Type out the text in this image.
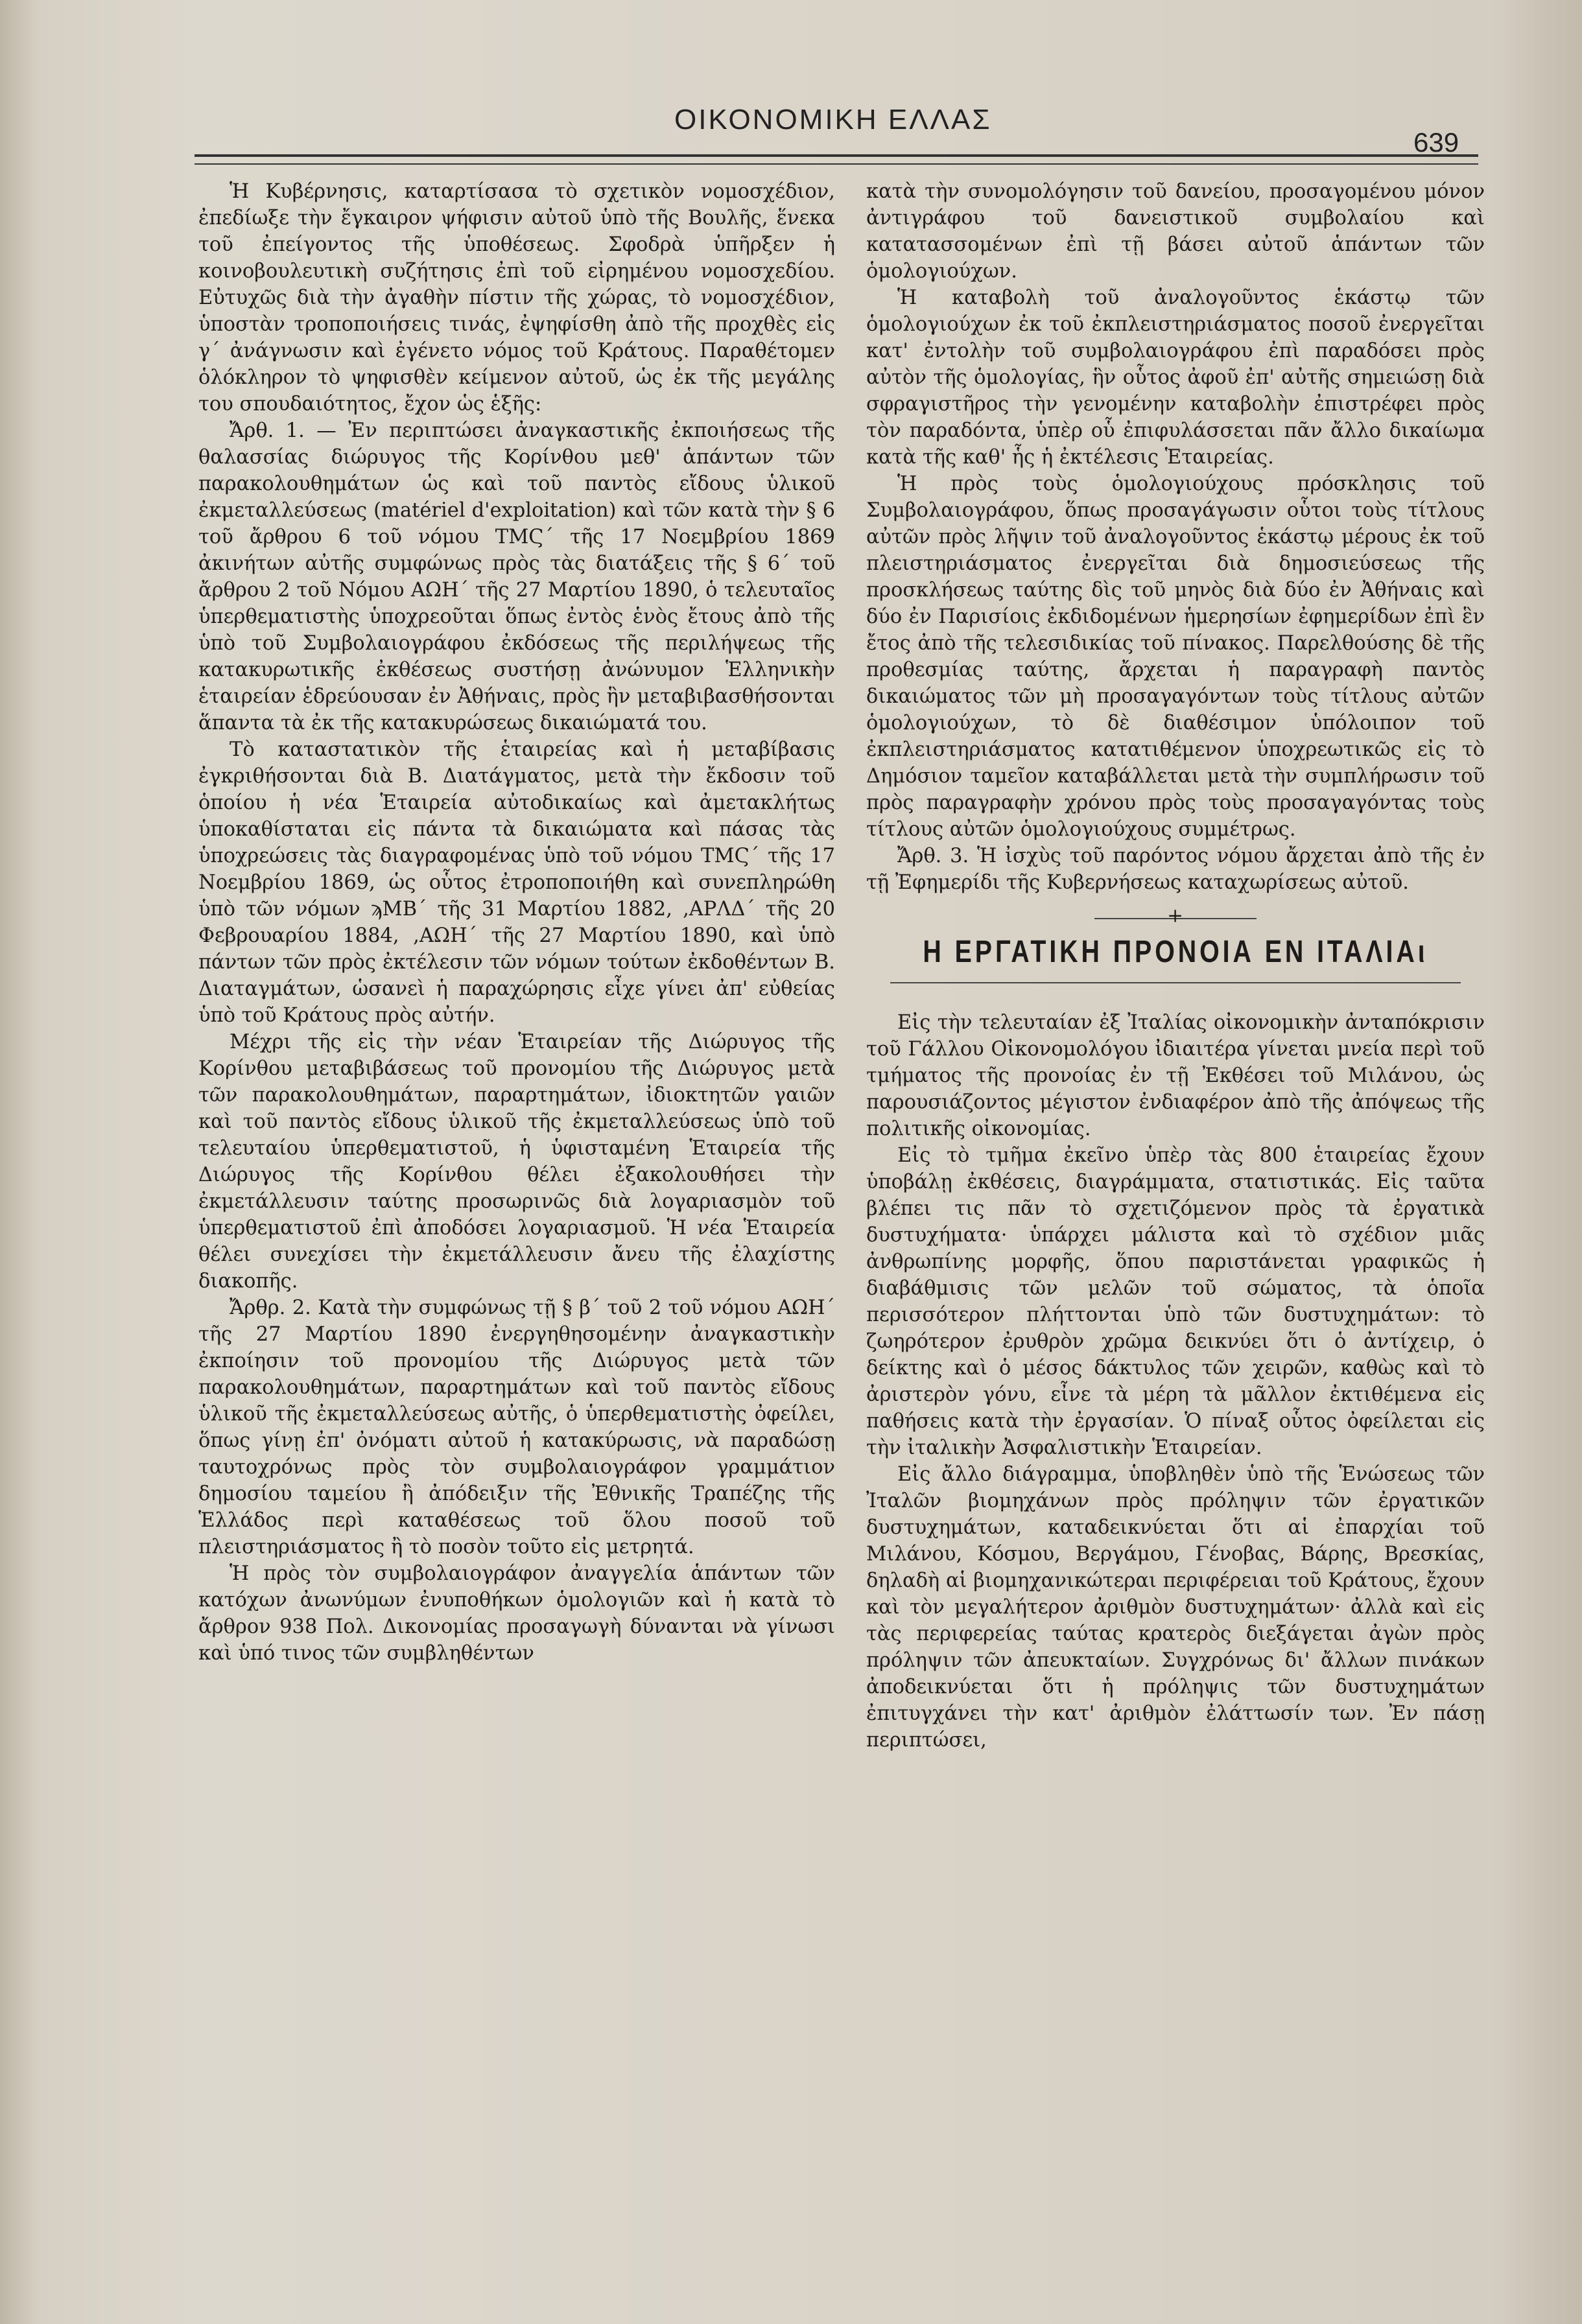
ΟΙΚΟΝΟΜΙΚΗ ΕΛΛΑΣ
639

Ἡ Κυβέρνησις, καταρτίσασα τὸ σχετικὸν νομοσχέδιον, ἐπεδίωξε τὴν ἔγκαιρον ψήφισιν αὐτοῦ ὑπὸ τῆς Βουλῆς, ἕνεκα τοῦ ἐπείγοντος τῆς ὑποθέσεως. Σφοδρὰ ὑπῆρξεν ἡ κοινοβουλευτικὴ συζήτησις ἐπὶ τοῦ εἰρημένου νομοσχεδίου. Εὐτυχῶς διὰ τὴν ἀγαθὴν πίστιν τῆς χώρας, τὸ νομοσχέδιον, ὑποστὰν τροποποιήσεις τινάς, ἐψηφίσθη ἀπὸ τῆς προχθὲς εἰς γ΄ ἀνάγνωσιν καὶ ἐγένετο νόμος τοῦ Κράτους. Παραθέτομεν ὁλόκληρον τὸ ψηφισθὲν κείμενον αὐτοῦ, ὡς ἐκ τῆς μεγάλης του σπουδαιότητος, ἔχον ὡς ἑξῆς:

Ἄρθ. 1. — Ἐν περιπτώσει ἀναγκαστικῆς ἐκποιήσεως τῆς θαλασσίας διώρυγος τῆς Κορίνθου μεθ' ἁπάντων τῶν παρακολουθημάτων ὡς καὶ τοῦ παντὸς εἴδους ὑλικοῦ ἐκμεταλλεύσεως (matériel d'exploitation) καὶ τῶν κατὰ τὴν § 6 τοῦ ἄρθρου 6 τοῦ νόμου ΤΜϚ΄ τῆς 17 Νοεμβρίου 1869 ἀκινήτων αὐτῆς συμφώνως πρὸς τὰς διατάξεις τῆς § 6΄ τοῦ ἄρθρου 2 τοῦ Νόμου ΑΩΗ΄ τῆς 27 Μαρτίου 1890, ὁ τελευταῖος ὑπερθεματιστὴς ὑποχρεοῦται ὅπως ἐντὸς ἑνὸς ἔτους ἀπὸ τῆς ὑπὸ τοῦ Συμβολαιογράφου ἐκδόσεως τῆς περιλήψεως τῆς κατακυρωτικῆς ἐκθέσεως συστήσῃ ἀνώνυμον Ἑλληνικὴν ἑταιρείαν ἑδρεύουσαν ἐν Ἀθήναις, πρὸς ἣν μεταβιβασθήσονται ἅπαντα τὰ ἐκ τῆς κατακυρώσεως δικαιώματά του.

Τὸ καταστατικὸν τῆς ἑταιρείας καὶ ἡ μεταβίβασις ἐγκριθήσονται διὰ Β. Διατάγματος, μετὰ τὴν ἔκδοσιν τοῦ ὁποίου ἡ νέα Ἑταιρεία αὐτοδικαίως καὶ ἀμετακλήτως ὑποκαθίσταται εἰς πάντα τὰ δικαιώματα καὶ πάσας τὰς ὑποχρεώσεις τὰς διαγραφομένας ὑπὸ τοῦ νόμου ΤΜϚ΄ τῆς 17 Νοεμβρίου 1869, ὡς οὗτος ἐτροποποιήθη καὶ συνεπληρώθη ὑπὸ τῶν νόμων ϡΜΒ΄ τῆς 31 Μαρτίου 1882, ,ΑΡΛΔ΄ τῆς 20 Φεβρουαρίου 1884, ,ΑΩΗ΄ τῆς 27 Μαρτίου 1890, καὶ ὑπὸ πάντων τῶν πρὸς ἐκτέλεσιν τῶν νόμων τούτων ἐκδοθέντων Β. Διαταγμάτων, ὡσανεὶ ἡ παραχώρησις εἶχε γίνει ἀπ' εὐθείας ὑπὸ τοῦ Κράτους πρὸς αὐτήν.

Μέχρι τῆς εἰς τὴν νέαν Ἑταιρείαν τῆς Διώρυγος τῆς Κορίνθου μεταβιβάσεως τοῦ προνομίου τῆς Διώρυγος μετὰ τῶν παρακολουθημάτων, παραρτημάτων, ἰδιοκτητῶν γαιῶν καὶ τοῦ παντὸς εἴδους ὑλικοῦ τῆς ἐκμεταλλεύσεως ὑπὸ τοῦ τελευταίου ὑπερθεματιστοῦ, ἡ ὑφισταμένη Ἑταιρεία τῆς Διώρυγος τῆς Κορίνθου θέλει ἐξακολουθήσει τὴν ἐκμετάλλευσιν ταύτης προσωρινῶς διὰ λογαριασμὸν τοῦ ὑπερθεματιστοῦ ἐπὶ ἀποδόσει λογαριασμοῦ. Ἡ νέα Ἑταιρεία θέλει συνεχίσει τὴν ἐκμετάλλευσιν ἄνευ τῆς ἐλαχίστης διακοπῆς.

Ἄρθρ. 2. Κατὰ τὴν συμφώνως τῇ § β΄ τοῦ 2 τοῦ νόμου ΑΩΗ΄ τῆς 27 Μαρτίου 1890 ἐνεργηθησομένην ἀναγκαστικὴν ἐκποίησιν τοῦ προνομίου τῆς Διώρυγος μετὰ τῶν παρακολουθημάτων, παραρτημάτων καὶ τοῦ παντὸς εἴδους ὑλικοῦ τῆς ἐκμεταλλεύσεως αὐτῆς, ὁ ὑπερθεματιστὴς ὀφείλει, ὅπως γίνῃ ἐπ' ὀνόματι αὐτοῦ ἡ κατακύρωσις, νὰ παραδώσῃ ταυτοχρόνως πρὸς τὸν συμβολαιογράφον γραμμάτιον δημοσίου ταμείου ἢ ἀπόδειξιν τῆς Ἐθνικῆς Τραπέζης τῆς Ἑλλάδος περὶ καταθέσεως τοῦ ὅλου ποσοῦ τοῦ πλειστηριάσματος ἢ τὸ ποσὸν τοῦτο εἰς μετρητά.

Ἡ πρὸς τὸν συμβολαιογράφον ἀναγγελία ἁπάντων τῶν κατόχων ἀνωνύμων ἐνυποθήκων ὁμολογιῶν καὶ ἡ κατὰ τὸ ἄρθρον 938 Πολ. Δικονομίας προσαγωγὴ δύνανται νὰ γίνωσι καὶ ὑπό τινος τῶν συμβληθέντων

κατὰ τὴν συνομολόγησιν τοῦ δανείου, προσαγομένου μόνον ἀντιγράφου τοῦ δανειστικοῦ συμβολαίου καὶ κατατασσομένων ἐπὶ τῇ βάσει αὐτοῦ ἁπάντων τῶν ὁμολογιούχων.

Ἡ καταβολὴ τοῦ ἀναλογοῦντος ἑκάστῳ τῶν ὁμολογιούχων ἐκ τοῦ ἐκπλειστηριάσματος ποσοῦ ἐνεργεῖται κατ' ἐντολὴν τοῦ συμβολαιογράφου ἐπὶ παραδόσει πρὸς αὐτὸν τῆς ὁμολογίας, ἣν οὗτος ἀφοῦ ἐπ' αὐτῆς σημειώσῃ διὰ σφραγιστῆρος τὴν γενομένην καταβολὴν ἐπιστρέφει πρὸς τὸν παραδόντα, ὑπὲρ οὗ ἐπιφυλάσσεται πᾶν ἄλλο δικαίωμα κατὰ τῆς καθ' ἧς ἡ ἐκτέλεσις Ἑταιρείας.

Ἡ πρὸς τοὺς ὁμολογιούχους πρόσκλησις τοῦ Συμβολαιογράφου, ὅπως προσαγάγωσιν οὗτοι τοὺς τίτλους αὐτῶν πρὸς λῆψιν τοῦ ἀναλογοῦντος ἑκάστῳ μέρους ἐκ τοῦ πλειστηριάσματος ἐνεργεῖται διὰ δημοσιεύσεως τῆς προσκλήσεως ταύτης δὶς τοῦ μηνὸς διὰ δύο ἐν Ἀθήναις καὶ δύο ἐν Παρισίοις ἐκδιδομένων ἡμερησίων ἐφημερίδων ἐπὶ ἓν ἔτος ἀπὸ τῆς τελεσιδικίας τοῦ πίνακος. Παρελθούσης δὲ τῆς προθεσμίας ταύτης, ἄρχεται ἡ παραγραφὴ παντὸς δικαιώματος τῶν μὴ προσαγαγόντων τοὺς τίτλους αὐτῶν ὁμολογιούχων, τὸ δὲ διαθέσιμον ὑπόλοιπον τοῦ ἐκπλειστηριάσματος κατατιθέμενον ὑποχρεωτικῶς εἰς τὸ Δημόσιον ταμεῖον καταβάλλεται μετὰ τὴν συμπλήρωσιν τοῦ πρὸς παραγραφὴν χρόνου πρὸς τοὺς προσαγαγόντας τοὺς τίτλους αὐτῶν ὁμολογιούχους συμμέτρως.

Ἄρθ. 3. Ἡ ἰσχὺς τοῦ παρόντος νόμου ἄρχεται ἀπὸ τῆς ἐν τῇ Ἐφημερίδι τῆς Κυβερνήσεως καταχωρίσεως αὐτοῦ.

+
Η ΕΡΓΑΤΙΚΗ ΠΡΟΝΟΙΑ ΕΝ ΙΤΑΛΙΑι

Εἰς τὴν τελευταίαν ἐξ Ἰταλίας οἰκονομικὴν ἀνταπόκρισιν τοῦ Γάλλου Οἰκονομολόγου ἰδιαιτέρα γίνεται μνεία περὶ τοῦ τμήματος τῆς προνοίας ἐν τῇ Ἐκθέσει τοῦ Μιλάνου, ὡς παρουσιάζοντος μέγιστον ἐνδιαφέρον ἀπὸ τῆς ἀπόψεως τῆς πολιτικῆς οἰκονομίας.

Εἰς τὸ τμῆμα ἐκεῖνο ὑπὲρ τὰς 800 ἑταιρείας ἔχουν ὑποβάλῃ ἐκθέσεις, διαγράμματα, στατιστικάς. Εἰς ταῦτα βλέπει τις πᾶν τὸ σχετιζόμενον πρὸς τὰ ἐργατικὰ δυστυχήματα· ὑπάρχει μάλιστα καὶ τὸ σχέδιον μιᾶς ἀνθρωπίνης μορφῆς, ὅπου παριστάνεται γραφικῶς ἡ διαβάθμισις τῶν μελῶν τοῦ σώματος, τὰ ὁποῖα περισσότερον πλήττονται ὑπὸ τῶν δυστυχημάτων: τὸ ζωηρότερον ἐρυθρὸν χρῶμα δεικνύει ὅτι ὁ ἀντίχειρ, ὁ δείκτης καὶ ὁ μέσος δάκτυλος τῶν χειρῶν, καθὼς καὶ τὸ ἀριστερὸν γόνυ, εἶνε τὰ μέρη τὰ μᾶλλον ἐκτιθέμενα εἰς παθήσεις κατὰ τὴν ἐργασίαν. Ὁ πίναξ οὗτος ὀφείλεται εἰς τὴν ἰταλικὴν Ἀσφαλιστικὴν Ἑταιρείαν.

Εἰς ἄλλο διάγραμμα, ὑποβληθὲν ὑπὸ τῆς Ἑνώσεως τῶν Ἰταλῶν βιομηχάνων πρὸς πρόληψιν τῶν ἐργατικῶν δυστυχημάτων, καταδεικνύεται ὅτι αἱ ἐπαρχίαι τοῦ Μιλάνου, Κόσμου, Βεργάμου, Γένοβας, Βάρης, Βρεσκίας, δηλαδὴ αἱ βιομηχανικώτεραι περιφέρειαι τοῦ Κράτους, ἔχουν καὶ τὸν μεγαλήτερον ἀριθμὸν δυστυχημάτων· ἀλλὰ καὶ εἰς τὰς περιφερείας ταύτας κρατερὸς διεξάγεται ἀγὼν πρὸς πρόληψιν τῶν ἀπευκταίων. Συγχρόνως δι' ἄλλων πινάκων ἀποδεικνύεται ὅτι ἡ πρόληψις τῶν δυστυχημάτων ἐπιτυγχάνει τὴν κατ' ἀριθμὸν ἐλάττωσίν των. Ἐν πάσῃ περιπτώσει,
